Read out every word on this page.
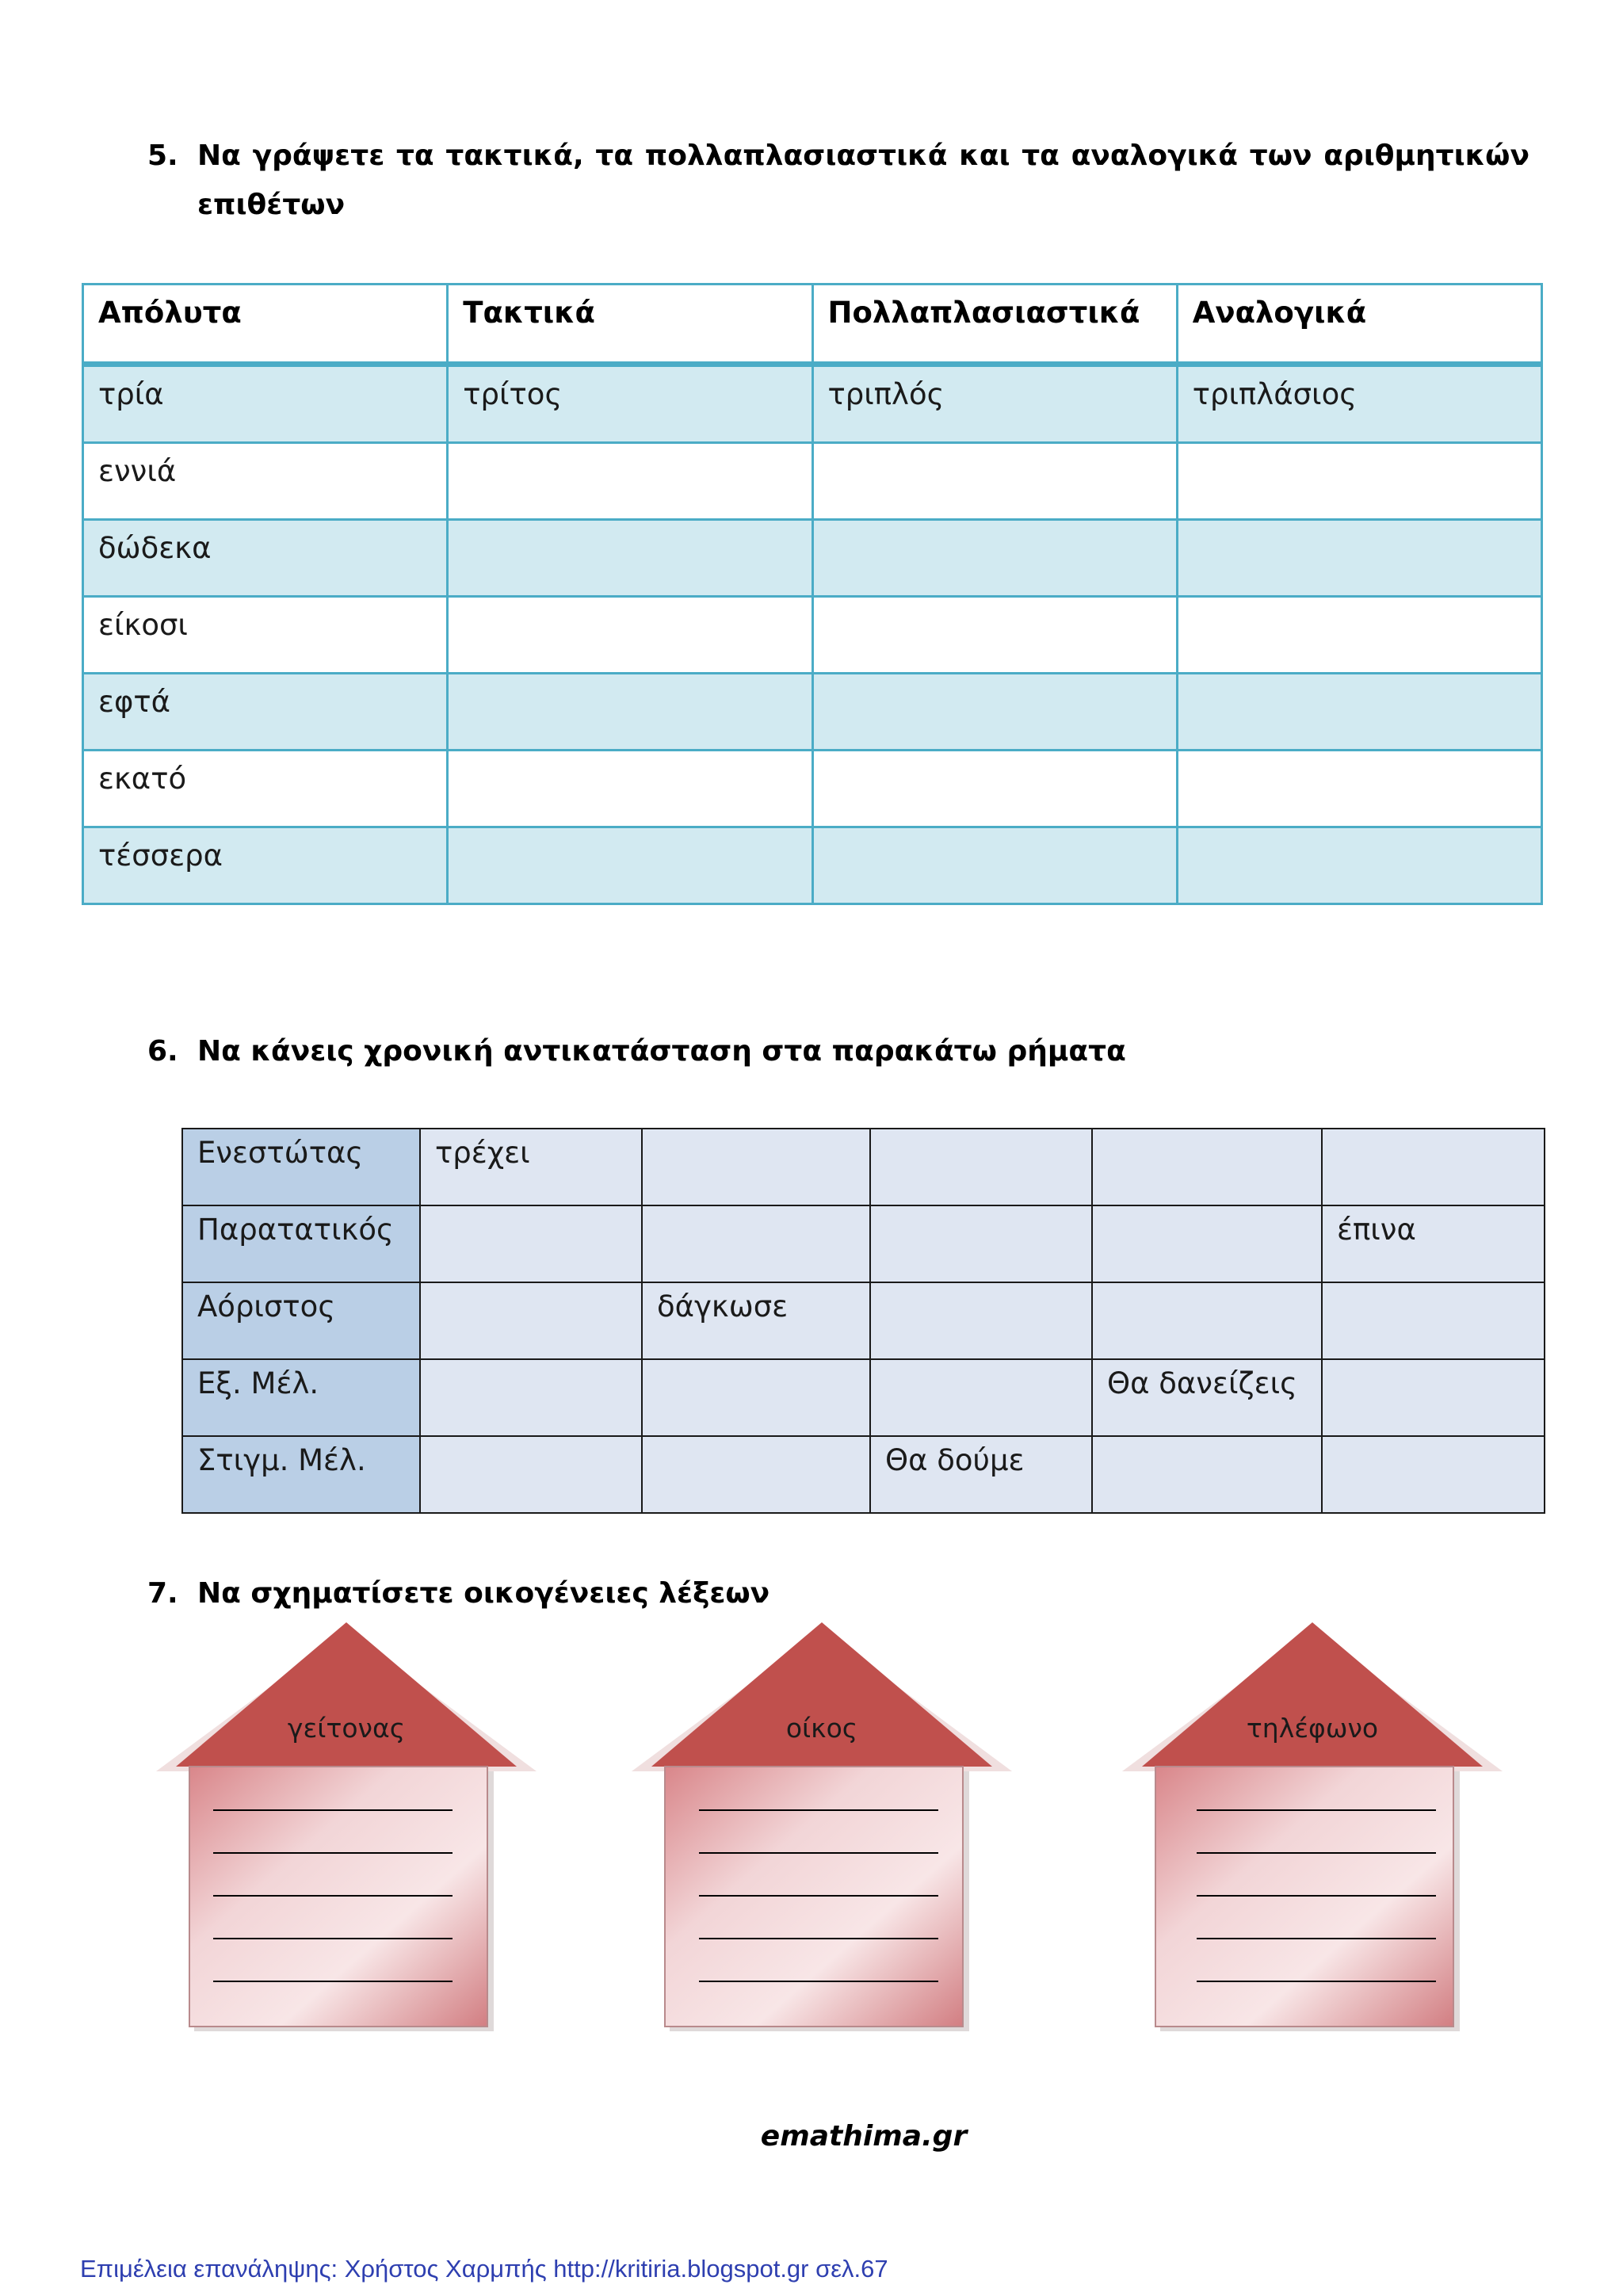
5. Να γράψετε τα τακτικά, τα πολλαπλασιαστικά και τα αναλογικά των αριθμητικών επιθέτων
Απόλυτα	Τακτικά	Πολλαπλασιαστικά	Αναλογικά
τρία	τρίτος	τριπλός	τριπλάσιος
εννιά			
δώδεκα			
είκοσι			
εφτά			
εκατό			
τέσσερα			
6. Να κάνεις χρονική αντικατάσταση στα παρακάτω ρήματα
Ενεστώτας	τρέχει				
Παρατατικός					έπινα
Αόριστος		δάγκωσε			
Εξ. Μέλ.				Θα δανείζεις	
Στιγμ. Μέλ.			Θα δούμε		
7. Να σχηματίσετε οικογένειες λέξεων
γείτονας	οίκος	τηλέφωνο
emathima.gr
Επιμέλεια επανάληψης: Χρήστος Χαρμπής http://kritiria.blogspot.gr σελ.67
